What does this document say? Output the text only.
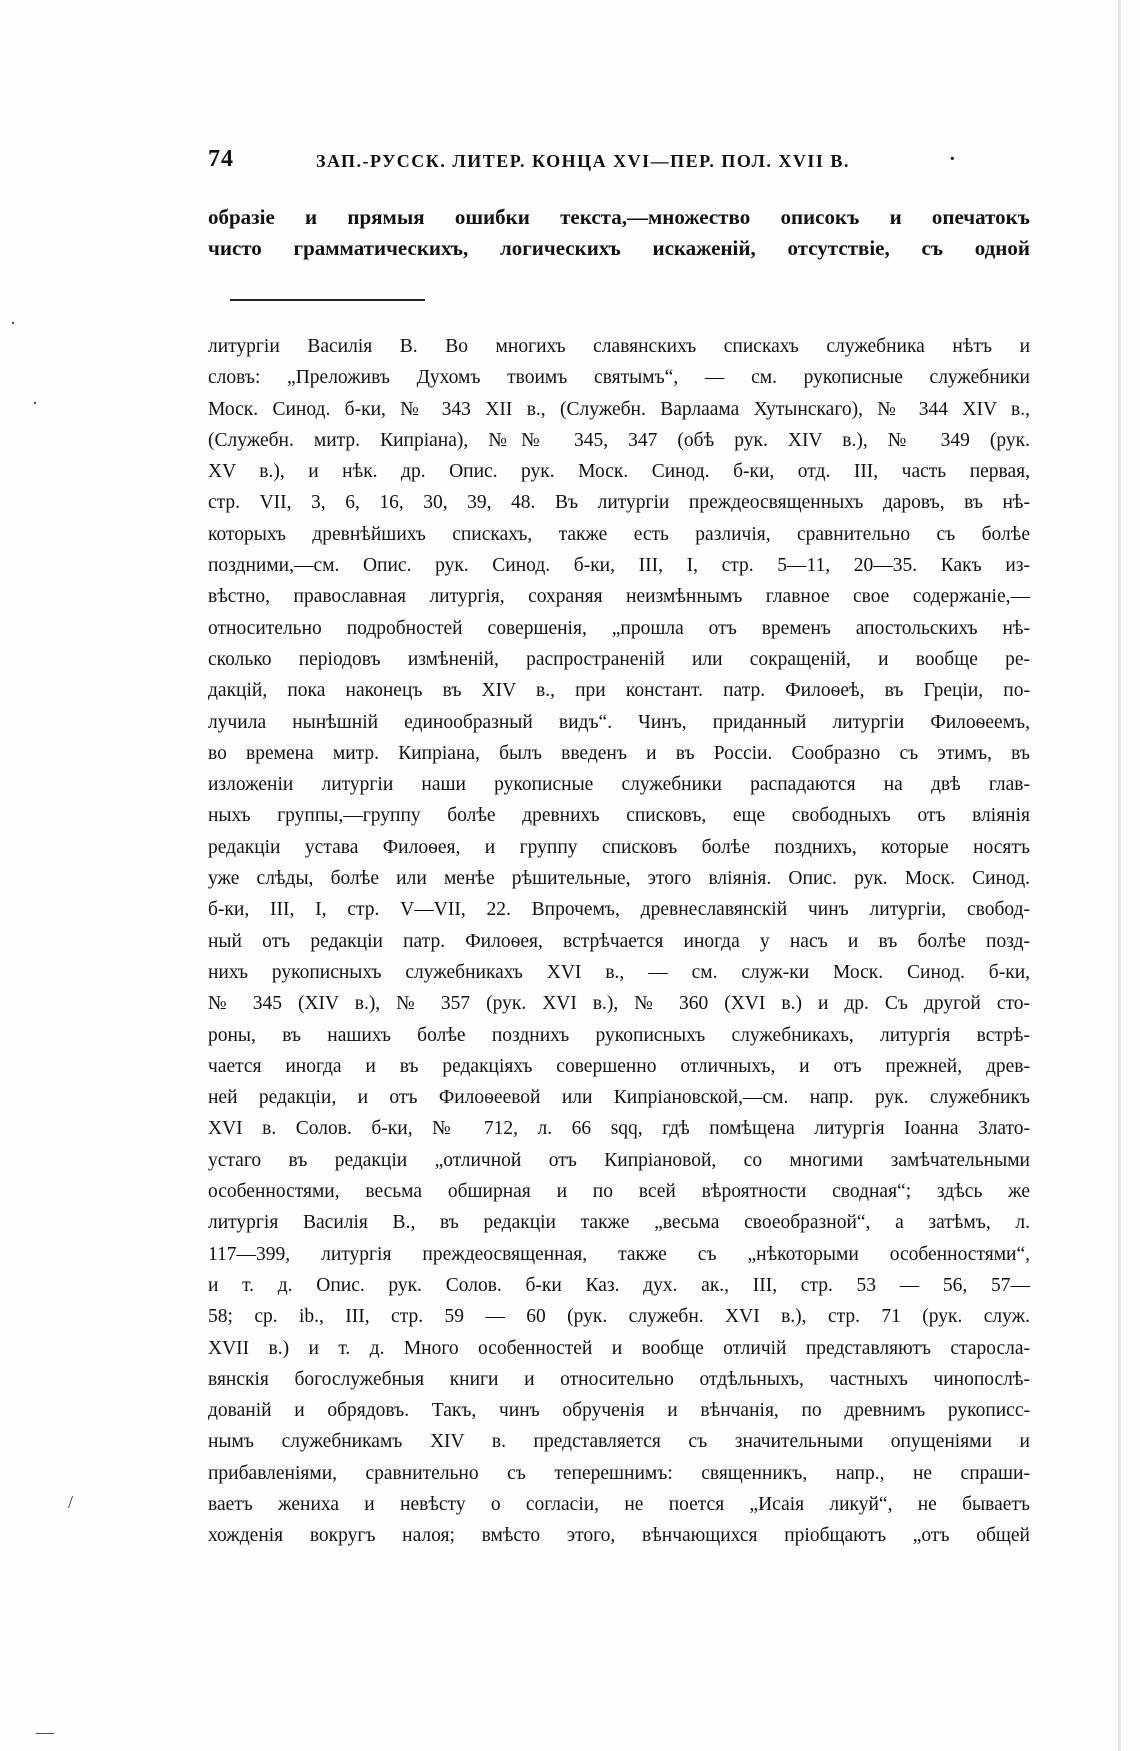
74	ЗАП.-РУССК. ЛИТЕР. КОНЦА XVI—ПЕР. ПОЛ. XVII В.	·
образіе и прямыя ошибки текста,—множество описокъ и опечатокъ
чисто грамматическихъ, логическихъ искаженій, отсутствіе, съ одной
литургіи Василія В. Во многихъ славянскихъ спискахъ служебника нѣтъ и
словъ: „Преложивъ Духомъ твоимъ святымъ“, — см. рукописные служебники
Моск. Синод. б-ки, № 343 XII в., (Служебн. Варлаама Хутынскаго), № 344 XIV в.,
(Служебн. митр. Кипріана), №№ 345, 347 (обѣ рук. XIV в.), № 349 (рук.
XV в.), и нѣк. др. Опис. рук. Моск. Синод. б-ки, отд. III, часть первая,
стр. VII, 3, 6, 16, 30, 39, 48. Въ литургіи преждеосвященныхъ даровъ, въ нѣ-
которыхъ древнѣйшихъ спискахъ, также есть различія, сравнительно съ болѣе
поздними,—см. Опис. рук. Синод. б-ки, III, I, стр. 5—11, 20—35. Какъ из-
вѣстно, православная литургія, сохраняя неизмѣннымъ главное свое содержаніе,—
относительно подробностей совершенія, „прошла отъ временъ апостольскихъ нѣ-
сколько періодовъ измѣненій, распространеній или сокращеній, и вообще ре-
дакцій, пока наконецъ въ XIV в., при констант. патр. Филоѳеѣ, въ Греціи, по-
лучила нынѣшній единообразный видъ“. Чинъ, приданный литургіи Филоѳеемъ,
во времена митр. Кипріана, былъ введенъ и въ Россіи. Сообразно съ этимъ, въ
изложеніи литургіи наши рукописные служебники распадаются на двѣ глав-
ныхъ группы,—группу болѣе древнихъ списковъ, еще свободныхъ отъ вліянія
редакціи устава Филоѳея, и группу списковъ болѣе позднихъ, которые носятъ
уже слѣды, болѣе или менѣе рѣшительные, этого вліянія. Опис. рук. Моск. Синод.
б-ки, III, I, стр. V—VII, 22. Впрочемъ, древнеславянскій чинъ литургіи, свобод-
ный отъ редакціи патр. Филоѳея, встрѣчается иногда у насъ и въ болѣе позд-
нихъ рукописныхъ служебникахъ XVI в., — см. служ-ки Моск. Синод. б-ки,
№ 345 (XIV в.), № 357 (рук. XVI в.), № 360 (XVI в.) и др. Съ другой сто-
роны, въ нашихъ болѣе позднихъ рукописныхъ служебникахъ, литургія встрѣ-
чается иногда и въ редакціяхъ совершенно отличныхъ, и отъ прежней, древ-
ней редакціи, и отъ Филоѳеевой или Кипріановской,—см. напр. рук. служебникъ
XVI в. Солов. б-ки, № 712, л. 66 sqq, гдѣ помѣщена литургія Іоанна Злато-
устаго въ редакціи „отличной отъ Кипріановой, со многими замѣчательными
особенностями, весьма обширная и по всей вѣроятности сводная“; здѣсь же
литургія Василія В., въ редакціи также „весьма своеобразной“, а затѣмъ, л.
117—399, литургія преждеосвященная, также съ „нѣкоторыми особенностями“,
и т. д. Опис. рук. Солов. б-ки Каз. дух. ак., III, стр. 53 — 56, 57—
58; ср. ib., III, стр. 59 — 60 (рук. служебн. XVI в.), стр. 71 (рук. служ.
XVII в.) и т. д. Много особенностей и вообще отличій представляютъ старосла-
вянскія богослужебныя книги и относительно отдѣльныхъ, частныхъ чинопослѣ-
дованій и обрядовъ. Такъ, чинъ обрученія и вѣнчанія, по древнимъ рукописс-
нымъ служебникамъ XIV в. представляется съ значительными опущеніями и
прибавленіями, сравнительно съ теперешнимъ: священникъ, напр., не спраши-
ваетъ жениха и невѣсту о согласіи, не поется „Исаія ликуй“, не бываетъ
хожденія вокругъ налоя; вмѣсто этого, вѣнчающихся пріобщаютъ „отъ общей
·
·
/
—
